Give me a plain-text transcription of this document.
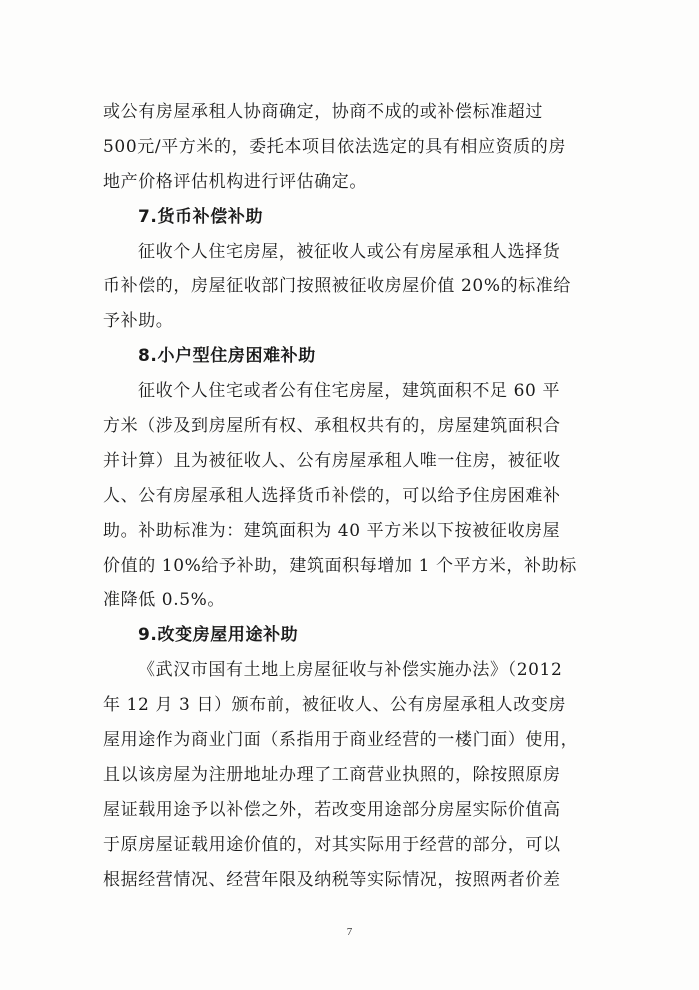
或公有房屋承租人协商确定，协商不成的或补偿标准超过
500元/平方米的，委托本项目依法选定的具有相应资质的房
地产价格评估机构进行评估确定。
7.货币补偿补助
征收个人住宅房屋，被征收人或公有房屋承租人选择货
币补偿的，房屋征收部门按照被征收房屋价值 20%的标准给
予补助。
8.小户型住房困难补助
征收个人住宅或者公有住宅房屋，建筑面积不足 60 平
方米（涉及到房屋所有权、承租权共有的，房屋建筑面积合
并计算）且为被征收人、公有房屋承租人唯一住房，被征收
人、公有房屋承租人选择货币补偿的，可以给予住房困难补
助。补助标准为：建筑面积为 40 平方米以下按被征收房屋
价值的 10%给予补助，建筑面积每增加 1 个平方米，补助标
准降低 0.5%。
9.改变房屋用途补助
《武汉市国有土地上房屋征收与补偿实施办法》（2012
年 12 月 3 日）颁布前，被征收人、公有房屋承租人改变房
屋用途作为商业门面（系指用于商业经营的一楼门面）使用，
且以该房屋为注册地址办理了工商营业执照的，除按照原房
屋证载用途予以补偿之外，若改变用途部分房屋实际价值高
于原房屋证载用途价值的，对其实际用于经营的部分，可以
根据经营情况、经营年限及纳税等实际情况，按照两者价差
7
